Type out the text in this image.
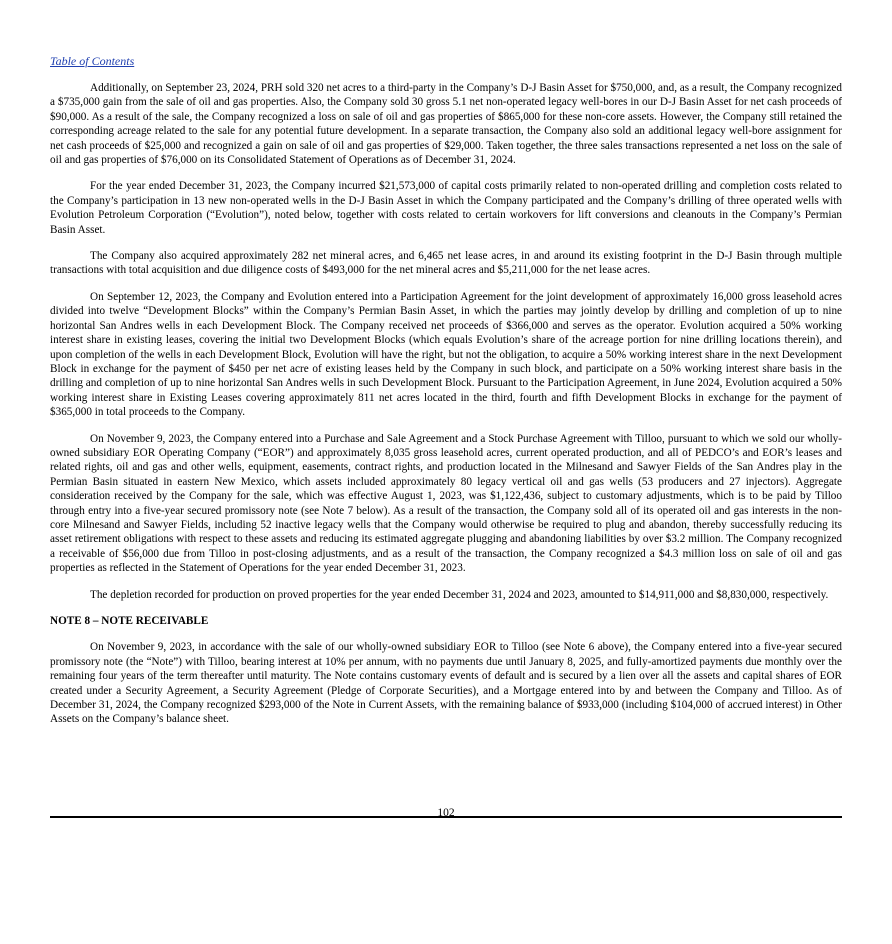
Table of Contents

Additionally, on September 23, 2024, PRH sold 320 net acres to a third-party in the Company’s D-J Basin Asset for $750,000, and, as a result, the Company recognized a $735,000 gain from the sale of oil and gas properties. Also, the Company sold 30 gross 5.1 net non-operated legacy well-bores in our D-J Basin Asset for net cash proceeds of $90,000. As a result of the sale, the Company recognized a loss on sale of oil and gas properties of $865,000 for these non-core assets. However, the Company still retained the corresponding acreage related to the sale for any potential future development. In a separate transaction, the Company also sold an additional legacy well-bore assignment for net cash proceeds of $25,000 and recognized a gain on sale of oil and gas properties of $29,000. Taken together, the three sales transactions represented a net loss on the sale of oil and gas properties of $76,000 on its Consolidated Statement of Operations as of December 31, 2024.

For the year ended December 31, 2023, the Company incurred $21,573,000 of capital costs primarily related to non-operated drilling and completion costs related to the Company’s participation in 13 new non-operated wells in the D-J Basin Asset in which the Company participated and the Company’s drilling of three operated wells with Evolution Petroleum Corporation (“Evolution”), noted below, together with costs related to certain workovers for lift conversions and cleanouts in the Company’s Permian Basin Asset.

The Company also acquired approximately 282 net mineral acres, and 6,465 net lease acres, in and around its existing footprint in the D-J Basin through multiple transactions with total acquisition and due diligence costs of $493,000 for the net mineral acres and $5,211,000 for the net lease acres.

On September 12, 2023, the Company and Evolution entered into a Participation Agreement for the joint development of approximately 16,000 gross leasehold acres divided into twelve “Development Blocks” within the Company’s Permian Basin Asset, in which the parties may jointly develop by drilling and completion of up to nine horizontal San Andres wells in each Development Block. The Company received net proceeds of $366,000 and serves as the operator. Evolution acquired a 50% working interest share in existing leases, covering the initial two Development Blocks (which equals Evolution’s share of the acreage portion for nine drilling locations therein), and upon completion of the wells in each Development Block, Evolution will have the right, but not the obligation, to acquire a 50% working interest share in the next Development Block in exchange for the payment of $450 per net acre of existing leases held by the Company in such block, and participate on a 50% working interest share basis in the drilling and completion of up to nine horizontal San Andres wells in such Development Block. Pursuant to the Participation Agreement, in June 2024, Evolution acquired a 50% working interest share in Existing Leases covering approximately 811 net acres located in the third, fourth and fifth Development Blocks in exchange for the payment of $365,000 in total proceeds to the Company.

On November 9, 2023, the Company entered into a Purchase and Sale Agreement and a Stock Purchase Agreement with Tilloo, pursuant to which we sold our wholly-owned subsidiary EOR Operating Company (“EOR”) and approximately 8,035 gross leasehold acres, current operated production, and all of PEDCO’s and EOR’s leases and related rights, oil and gas and other wells, equipment, easements, contract rights, and production located in the Milnesand and Sawyer Fields of the San Andres play in the Permian Basin situated in eastern New Mexico, which assets included approximately 80 legacy vertical oil and gas wells (53 producers and 27 injectors). Aggregate consideration received by the Company for the sale, which was effective August 1, 2023, was $1,122,436, subject to customary adjustments, which is to be paid by Tilloo through entry into a five-year secured promissory note (see Note 7 below). As a result of the transaction, the Company sold all of its operated oil and gas interests in the non-core Milnesand and Sawyer Fields, including 52 inactive legacy wells that the Company would otherwise be required to plug and abandon, thereby successfully reducing its asset retirement obligations with respect to these assets and reducing its estimated aggregate plugging and abandoning liabilities by over $3.2 million. The Company recognized a receivable of $56,000 due from Tilloo in post-closing adjustments, and as a result of the transaction, the Company recognized a $4.3 million loss on sale of oil and gas properties as reflected in the Statement of Operations for the year ended December 31, 2023.

The depletion recorded for production on proved properties for the year ended December 31, 2024 and 2023, amounted to $14,911,000 and $8,830,000, respectively.

NOTE 8 – NOTE RECEIVABLE

On November 9, 2023, in accordance with the sale of our wholly-owned subsidiary EOR to Tilloo (see Note 6 above), the Company entered into a five-year secured promissory note (the “Note”) with Tilloo, bearing interest at 10% per annum, with no payments due until January 8, 2025, and fully-amortized payments due monthly over the remaining four years of the term thereafter until maturity. The Note contains customary events of default and is secured by a lien over all the assets and capital shares of EOR created under a Security Agreement, a Security Agreement (Pledge of Corporate Securities), and a Mortgage entered into by and between the Company and Tilloo. As of December 31, 2024, the Company recognized $293,000 of the Note in Current Assets, with the remaining balance of $933,000 (including $104,000 of accrued interest) in Other Assets on the Company’s balance sheet.

102
